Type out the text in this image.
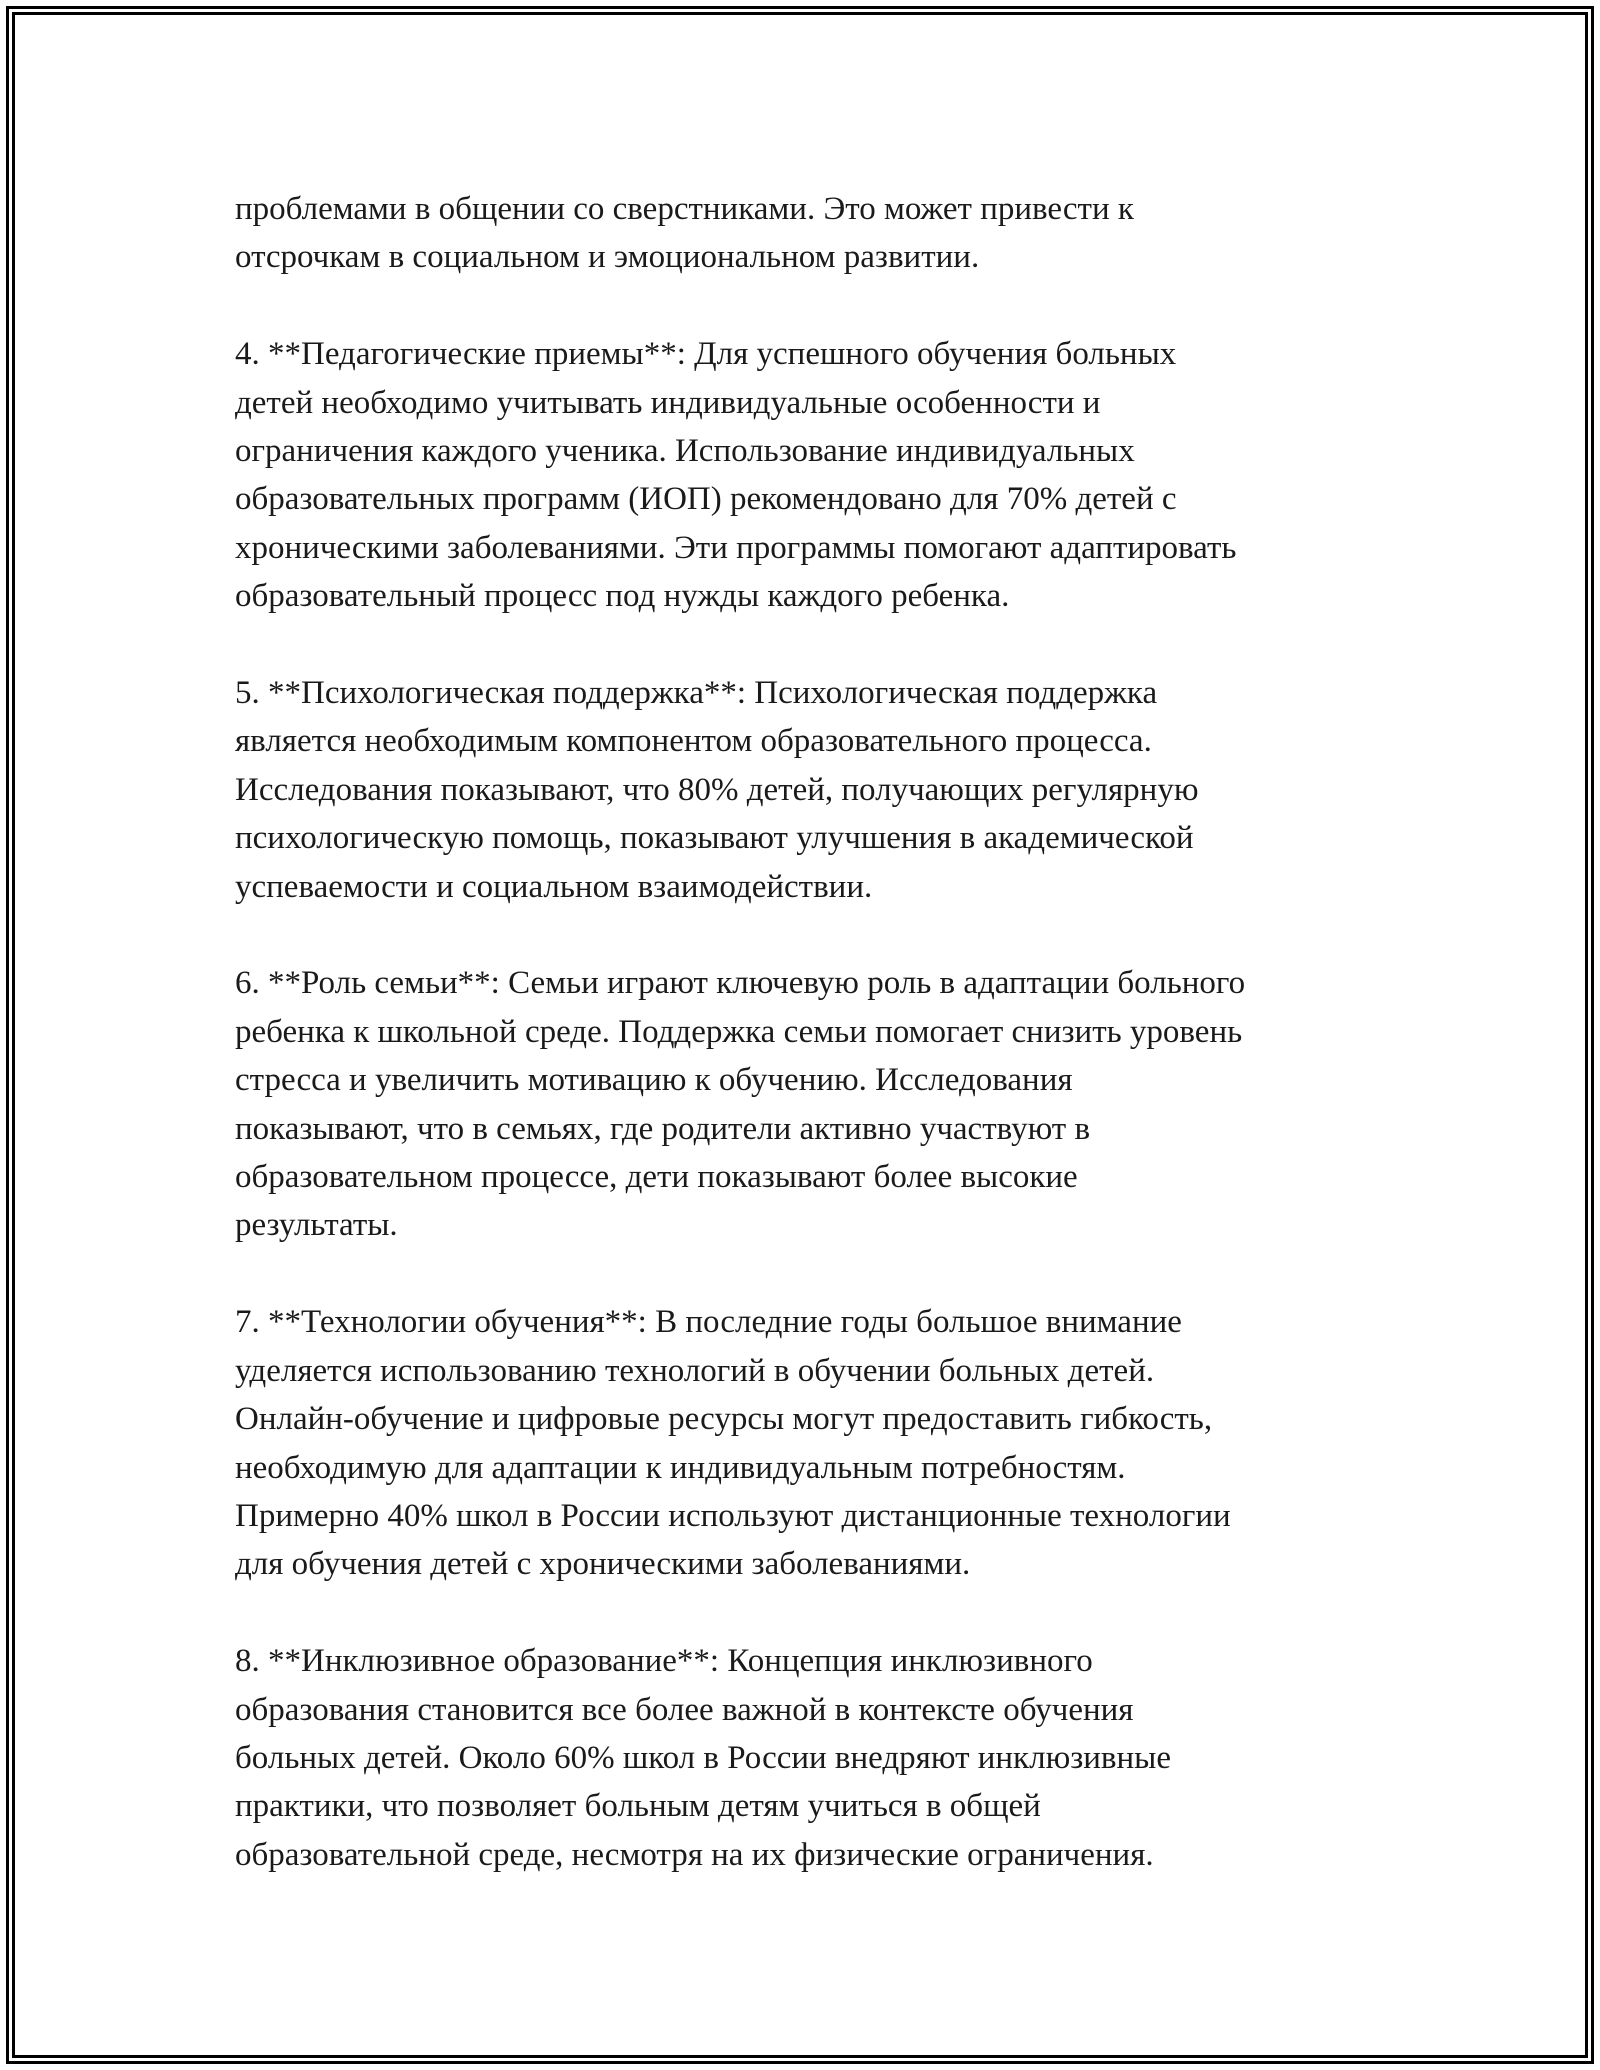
проблемами в общении со сверстниками. Это может привести к
отсрочкам в социальном и эмоциональном развитии.

4. **Педагогические приемы**: Для успешного обучения больных
детей необходимо учитывать индивидуальные особенности и
ограничения каждого ученика. Использование индивидуальных
образовательных программ (ИОП) рекомендовано для 70% детей с
хроническими заболеваниями. Эти программы помогают адаптировать
образовательный процесс под нужды каждого ребенка.

5. **Психологическая поддержка**: Психологическая поддержка
является необходимым компонентом образовательного процесса.
Исследования показывают, что 80% детей, получающих регулярную
психологическую помощь, показывают улучшения в академической
успеваемости и социальном взаимодействии.

6. **Роль семьи**: Семьи играют ключевую роль в адаптации больного
ребенка к школьной среде. Поддержка семьи помогает снизить уровень
стресса и увеличить мотивацию к обучению. Исследования
показывают, что в семьях, где родители активно участвуют в
образовательном процессе, дети показывают более высокие
результаты.

7. **Технологии обучения**: В последние годы большое внимание
уделяется использованию технологий в обучении больных детей.
Онлайн-обучение и цифровые ресурсы могут предоставить гибкость,
необходимую для адаптации к индивидуальным потребностям.
Примерно 40% школ в России используют дистанционные технологии
для обучения детей с хроническими заболеваниями.

8. **Инклюзивное образование**: Концепция инклюзивного
образования становится все более важной в контексте обучения
больных детей. Около 60% школ в России внедряют инклюзивные
практики, что позволяет больным детям учиться в общей
образовательной среде, несмотря на их физические ограничения.
